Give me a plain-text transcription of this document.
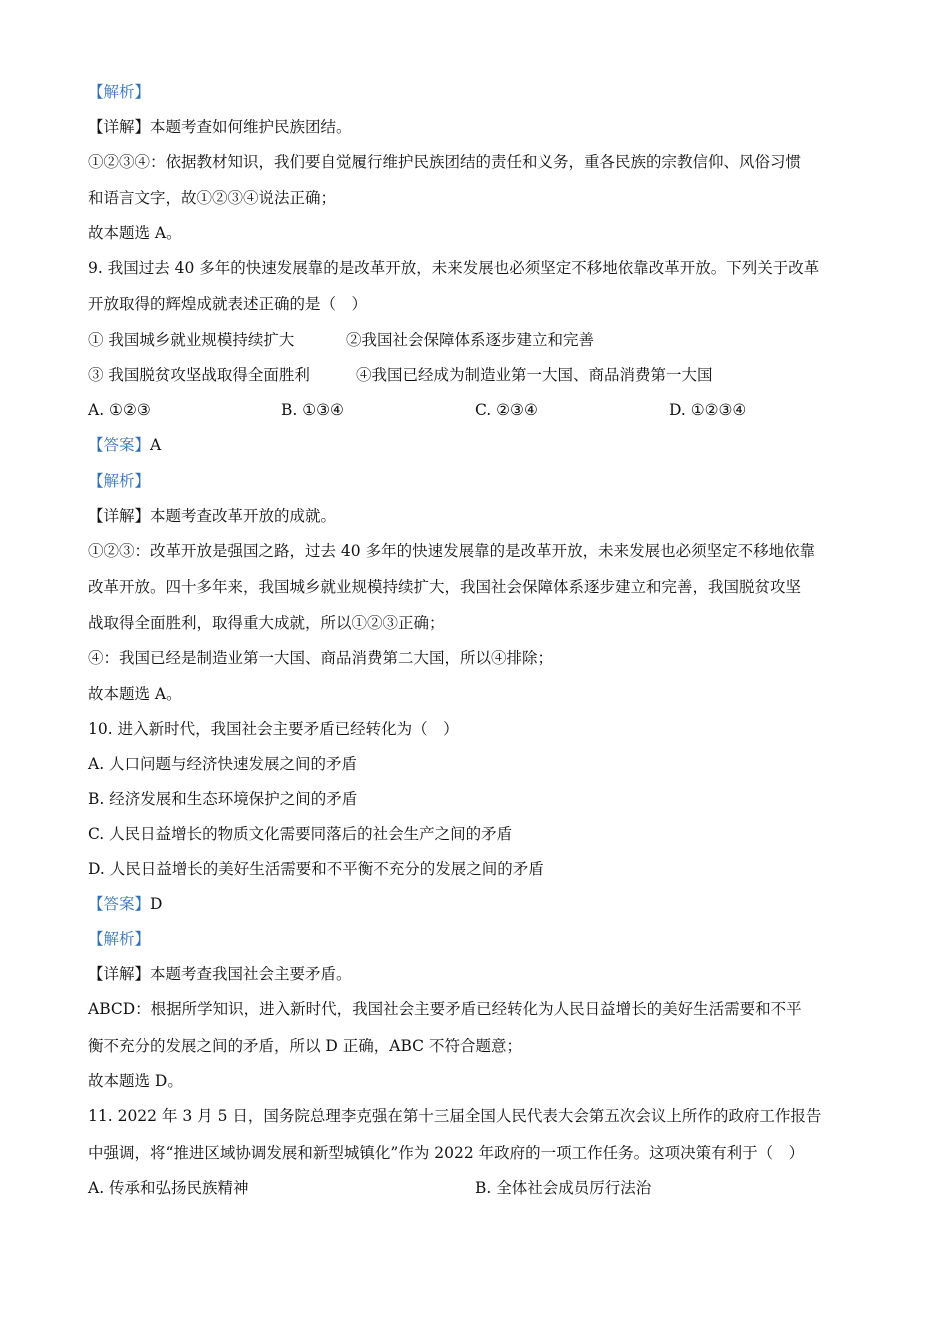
【解析】
【详解】本题考查如何维护民族团结。
①②③④：依据教材知识，我们要自觉履行维护民族团结的责任和义务，重各民族的宗教信仰、风俗习惯
和语言文字，故①②③④说法正确；
故本题选 A。
9. 我国过去 40 多年的快速发展靠的是改革开放，未来发展也必须坚定不移地依靠改革开放。下列关于改革
开放取得的辉煌成就表述正确的是（　）
① 我国城乡就业规模持续扩大	②我国社会保障体系逐步建立和完善
③ 我国脱贫攻坚战取得全面胜利	④我国已经成为制造业第一大国、商品消费第一大国
A. ①②③	B. ①③④	C. ②③④	D. ①②③④
【答案】A
【解析】
【详解】本题考查改革开放的成就。
①②③：改革开放是强国之路，过去 40 多年的快速发展靠的是改革开放，未来发展也必须坚定不移地依靠
改革开放。四十多年来，我国城乡就业规模持续扩大，我国社会保障体系逐步建立和完善，我国脱贫攻坚
战取得全面胜利，取得重大成就，所以①②③正确；
④：我国已经是制造业第一大国、商品消费第二大国，所以④排除；
故本题选 A。
10. 进入新时代，我国社会主要矛盾已经转化为（　）
A. 人口问题与经济快速发展之间的矛盾
B. 经济发展和生态环境保护之间的矛盾
C. 人民日益增长的物质文化需要同落后的社会生产之间的矛盾
D. 人民日益增长的美好生活需要和不平衡不充分的发展之间的矛盾
【答案】D
【解析】
【详解】本题考查我国社会主要矛盾。
ABCD：根据所学知识，进入新时代，我国社会主要矛盾已经转化为人民日益增长的美好生活需要和不平
衡不充分的发展之间的矛盾，所以 D 正确，ABC 不符合题意；
故本题选 D。
11. 2022 年 3 月 5 日，国务院总理李克强在第十三届全国人民代表大会第五次会议上所作的政府工作报告
中强调，将“推进区域协调发展和新型城镇化”作为 2022 年政府的一项工作任务。这项决策有利于（　）
A. 传承和弘扬民族精神	B. 全体社会成员厉行法治
